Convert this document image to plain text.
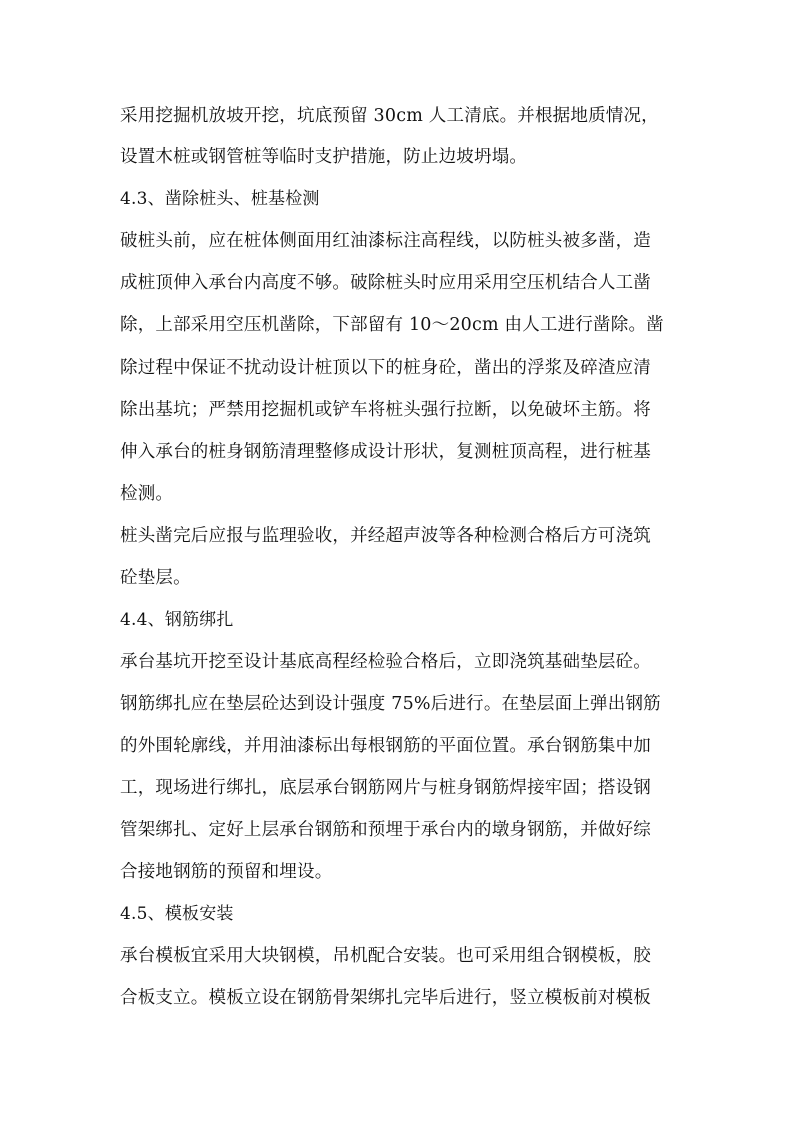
采用挖掘机放坡开挖，坑底预留 30cm 人工清底。并根据地质情况，
设置木桩或钢管桩等临时支护措施，防止边坡坍塌。
4.3、凿除桩头、桩基检测
破桩头前，应在桩体侧面用红油漆标注高程线，以防桩头被多凿，造
成桩顶伸入承台内高度不够。破除桩头时应用采用空压机结合人工凿
除，上部采用空压机凿除，下部留有 10～20cm 由人工进行凿除。凿
除过程中保证不扰动设计桩顶以下的桩身砼，凿出的浮浆及碎渣应清
除出基坑；严禁用挖掘机或铲车将桩头强行拉断，以免破坏主筋。将
伸入承台的桩身钢筋清理整修成设计形状，复测桩顶高程，进行桩基
检测。
桩头凿完后应报与监理验收，并经超声波等各种检测合格后方可浇筑
砼垫层。
4.4、钢筋绑扎
承台基坑开挖至设计基底高程经检验合格后，立即浇筑基础垫层砼。
钢筋绑扎应在垫层砼达到设计强度 75%后进行。在垫层面上弹出钢筋
的外围轮廓线，并用油漆标出每根钢筋的平面位置。承台钢筋集中加
工，现场进行绑扎，底层承台钢筋网片与桩身钢筋焊接牢固；搭设钢
管架绑扎、定好上层承台钢筋和预埋于承台内的墩身钢筋，并做好综
合接地钢筋的预留和埋设。
4.5、模板安装
承台模板宜采用大块钢模，吊机配合安装。也可采用组合钢模板，胶
合板支立。模板立设在钢筋骨架绑扎完毕后进行，竖立模板前对模板
